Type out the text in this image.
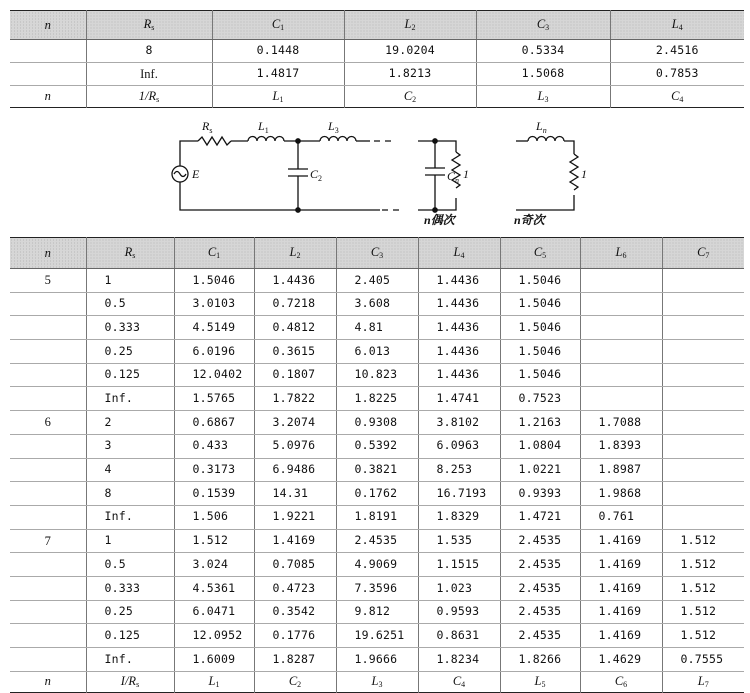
n	$R_s$	$C_1$	$L_2$	$C_3$	$L_4$
	8	0.1448	19.0204	0.5334	2.4516
	Inf.	1.4817	1.8213	1.5068	0.7853
n	$1/R_s$	$L_1$	$C_2$	$L_3$	$C_4$
E
$R_s$	$L_1$
$C_2$
$L_3$
$C_n$ 1
n偶次
$L_n$
1
n奇次
n	$R_s$	$C_1$	$L_2$	$C_3$	$L_4$	$C_5$	$L_6$	$C_7$
5	1	1.5046	1.4436	2.405	1.4436	1.5046		
	0.5	3.0103	0.7218	3.608	1.4436	1.5046		
	0.333	4.5149	0.4812	4.81	1.4436	1.5046		
	0.25	6.0196	0.3615	6.013	1.4436	1.5046		
	0.125	12.0402	0.1807	10.823	1.4436	1.5046		
	Inf.	1.5765	1.7822	1.8225	1.4741	0.7523		
6	2	0.6867	3.2074	0.9308	3.8102	1.2163	1.7088	
	3	0.433	5.0976	0.5392	6.0963	1.0804	1.8393	
	4	0.3173	6.9486	0.3821	8.253	1.0221	1.8987	
	8	0.1539	14.31	0.1762	16.7193	0.9393	1.9868	
	Inf.	1.506	1.9221	1.8191	1.8329	1.4721	0.761	
7	1	1.512	1.4169	2.4535	1.535	2.4535	1.4169	1.512
	0.5	3.024	0.7085	4.9069	1.1515	2.4535	1.4169	1.512
	0.333	4.5361	0.4723	7.3596	1.023	2.4535	1.4169	1.512
	0.25	6.0471	0.3542	9.812	0.9593	2.4535	1.4169	1.512
	0.125	12.0952	0.1776	19.6251	0.8631	2.4535	1.4169	1.512
	Inf.	1.6009	1.8287	1.9666	1.8234	1.8266	1.4629	0.7555
n	$I/R_s$	$L_1$	$C_2$	$L_3$	$C_4$	$L_5$	$C_6$	$L_7$
